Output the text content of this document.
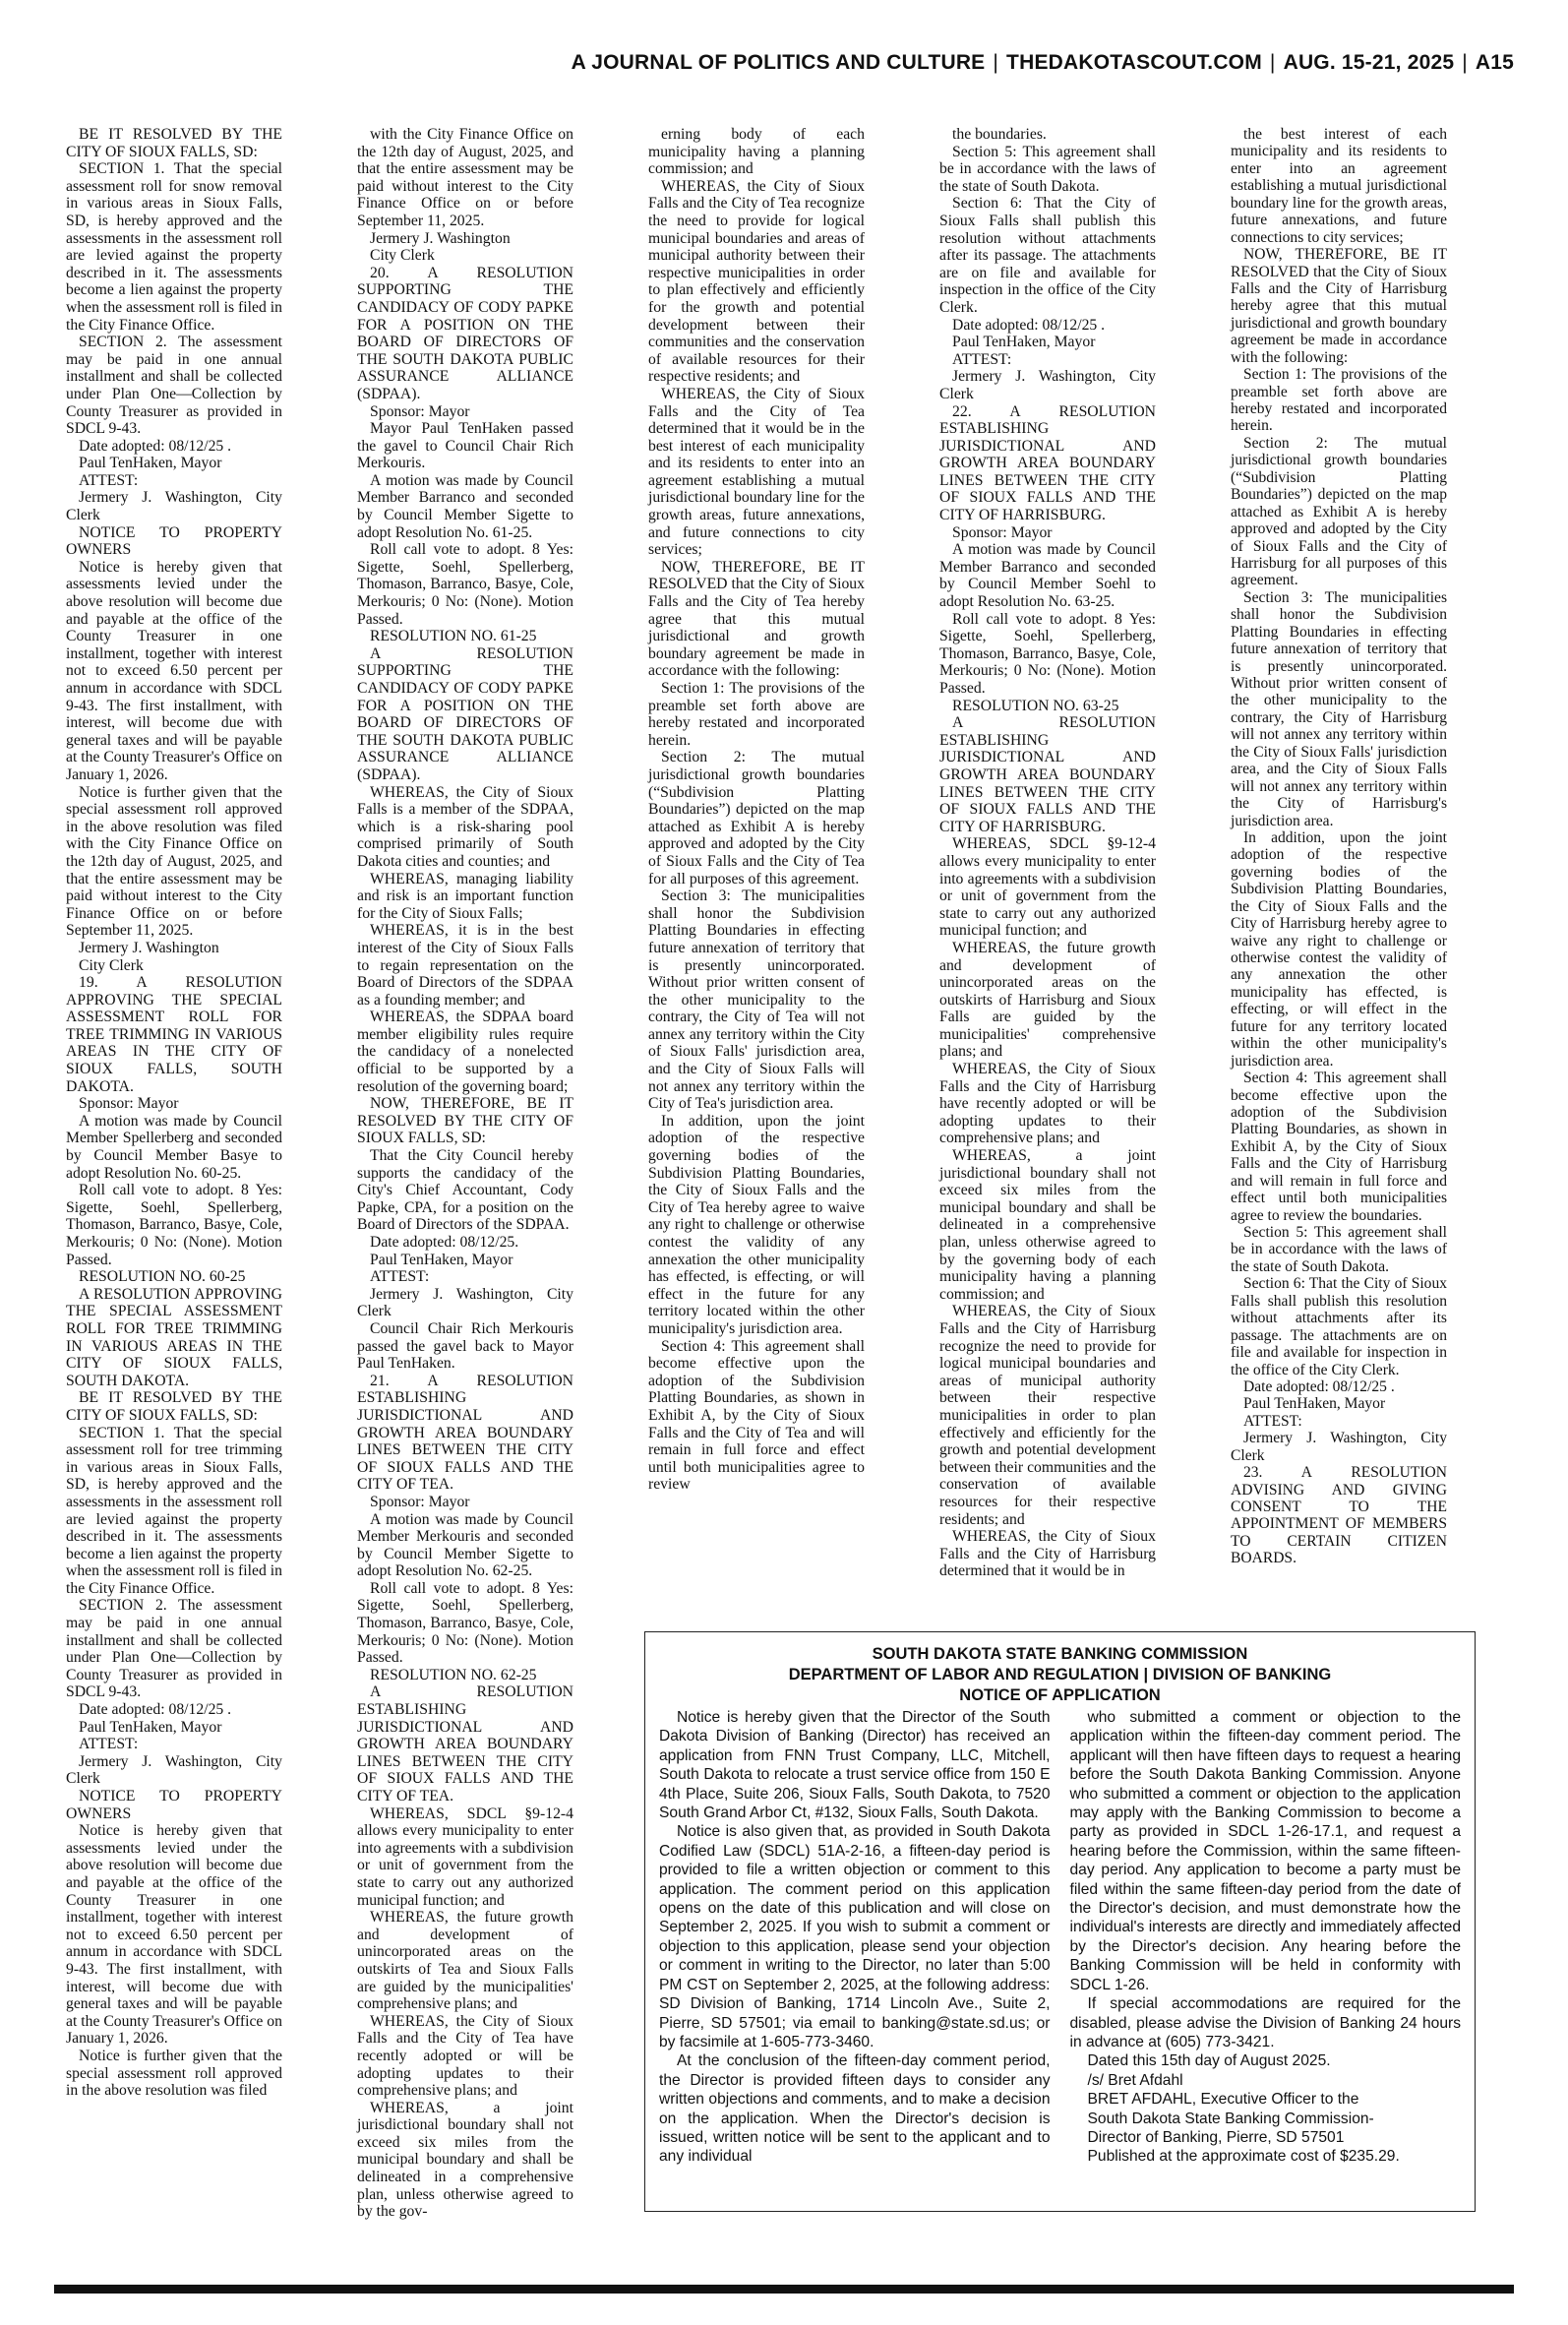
A JOURNAL OF POLITICS AND CULTURE | THEDAKOTASCOUT.COM | AUG. 15-21, 2025 | A15

BE IT RESOLVED BY THE CITY OF SIOUX FALLS, SD:

SECTION 1. That the special assessment roll for snow removal in various areas in Sioux Falls, SD, is hereby approved and the assessments in the assessment roll are levied against the property described in it. The assessments become a lien against the property when the assessment roll is filed in the City Finance Office.

SECTION 2. The assessment may be paid in one annual installment and shall be collected under Plan One—Collection by County Treasurer as provided in SDCL 9-43.

Date adopted: 08/12/25 .

Paul TenHaken, Mayor

ATTEST:

Jermery J. Washington, City Clerk

NOTICE TO PROPERTY OWNERS

Notice is hereby given that assessments levied under the above resolution will become due and payable at the office of the County Treasurer in one installment, together with interest not to exceed 6.50 percent per annum in accordance with SDCL 9-43. The first installment, with interest, will become due with general taxes and will be payable at the County Treasurer's Office on January 1, 2026.

Notice is further given that the special assessment roll approved in the above resolution was filed with the City Finance Office on the 12th day of August, 2025, and that the entire assessment may be paid without interest to the City Finance Office on or before September 11, 2025.

Jermery J. Washington

City Clerk

19. A RESOLUTION APPROVING THE SPECIAL ASSESSMENT ROLL FOR TREE TRIMMING IN VARIOUS AREAS IN THE CITY OF SIOUX FALLS, SOUTH DAKOTA.

Sponsor: Mayor

A motion was made by Council Member Spellerberg and seconded by Council Member Basye to adopt Resolution No. 60-25.

Roll call vote to adopt. 8 Yes: Sigette, Soehl, Spellerberg, Thomason, Barranco, Basye, Cole, Merkouris; 0 No: (None). Motion Passed.

RESOLUTION NO. 60-25

A RESOLUTION APPROVING THE SPECIAL ASSESSMENT ROLL FOR TREE TRIMMING IN VARIOUS AREAS IN THE CITY OF SIOUX FALLS, SOUTH DAKOTA.

BE IT RESOLVED BY THE CITY OF SIOUX FALLS, SD:

SECTION 1. That the special assessment roll for tree trimming in various areas in Sioux Falls, SD, is hereby approved and the assessments in the assessment roll are levied against the property described in it. The assessments become a lien against the property when the assessment roll is filed in the City Finance Office.

SECTION 2. The assessment may be paid in one annual installment and shall be collected under Plan One—Collection by County Treasurer as provided in SDCL 9-43.

Date adopted: 08/12/25 .

Paul TenHaken, Mayor

ATTEST:

Jermery J. Washington, City Clerk

NOTICE TO PROPERTY OWNERS

Notice is hereby given that assessments levied under the above resolution will become due and payable at the office of the County Treasurer in one installment, together with interest not to exceed 6.50 percent per annum in accordance with SDCL 9-43. The first installment, with interest, will become due with general taxes and will be payable at the County Treasurer's Office on January 1, 2026.

Notice is further given that the special assessment roll approved in the above resolution was filed

with the City Finance Office on the 12th day of August, 2025, and that the entire assessment may be paid without interest to the City Finance Office on or before September 11, 2025.

Jermery J. Washington

City Clerk

20. A RESOLUTION SUPPORTING THE CANDIDACY OF CODY PAPKE FOR A POSITION ON THE BOARD OF DIRECTORS OF THE SOUTH DAKOTA PUBLIC ASSURANCE ALLIANCE (SDPAA).

Sponsor: Mayor

Mayor Paul TenHaken passed the gavel to Council Chair Rich Merkouris.

A motion was made by Council Member Barranco and seconded by Council Member Sigette to adopt Resolution No. 61-25.

Roll call vote to adopt. 8 Yes: Sigette, Soehl, Spellerberg, Thomason, Barranco, Basye, Cole, Merkouris; 0 No: (None). Motion Passed.

RESOLUTION NO. 61-25

A RESOLUTION SUPPORTING THE CANDIDACY OF CODY PAPKE FOR A POSITION ON THE BOARD OF DIRECTORS OF THE SOUTH DAKOTA PUBLIC ASSURANCE ALLIANCE (SDPAA).

WHEREAS, the City of Sioux Falls is a member of the SDPAA, which is a risk-sharing pool comprised primarily of South Dakota cities and counties; and

WHEREAS, managing liability and risk is an important function for the City of Sioux Falls;

WHEREAS, it is in the best interest of the City of Sioux Falls to regain representation on the Board of Directors of the SDPAA as a founding member; and

WHEREAS, the SDPAA board member eligibility rules require the candidacy of a nonelected official to be supported by a resolution of the governing board;

NOW, THEREFORE, BE IT RESOLVED BY THE CITY OF SIOUX FALLS, SD:

That the City Council hereby supports the candidacy of the City's Chief Accountant, Cody Papke, CPA, for a position on the Board of Directors of the SDPAA.

Date adopted: 08/12/25.

Paul TenHaken, Mayor

ATTEST:

Jermery J. Washington, City Clerk

Council Chair Rich Merkouris passed the gavel back to Mayor Paul TenHaken.

21. A RESOLUTION ESTABLISHING JURISDICTIONAL AND GROWTH AREA BOUNDARY LINES BETWEEN THE CITY OF SIOUX FALLS AND THE CITY OF TEA.

Sponsor: Mayor

A motion was made by Council Member Merkouris and seconded by Council Member Sigette to adopt Resolution No. 62-25.

Roll call vote to adopt. 8 Yes: Sigette, Soehl, Spellerberg, Thomason, Barranco, Basye, Cole, Merkouris; 0 No: (None). Motion Passed.

RESOLUTION NO. 62-25

A RESOLUTION ESTABLISHING JURISDICTIONAL AND GROWTH AREA BOUNDARY LINES BETWEEN THE CITY OF SIOUX FALLS AND THE CITY OF TEA.

WHEREAS, SDCL §9-12-4 allows every municipality to enter into agreements with a subdivision or unit of government from the state to carry out any authorized municipal function; and

WHEREAS, the future growth and development of unincorporated areas on the outskirts of Tea and Sioux Falls are guided by the municipalities' comprehensive plans; and

WHEREAS, the City of Sioux Falls and the City of Tea have recently adopted or will be adopting updates to their comprehensive plans; and

WHEREAS, a joint jurisdictional boundary shall not exceed six miles from the municipal boundary and shall be delineated in a comprehensive plan, unless otherwise agreed to by the gov-

erning body of each municipality having a planning commission; and

WHEREAS, the City of Sioux Falls and the City of Tea recognize the need to provide for logical municipal boundaries and areas of municipal authority between their respective municipalities in order to plan effectively and efficiently for the growth and potential development between their communities and the conservation of available resources for their respective residents; and

WHEREAS, the City of Sioux Falls and the City of Tea determined that it would be in the best interest of each municipality and its residents to enter into an agreement establishing a mutual jurisdictional boundary line for the growth areas, future annexations, and future connections to city services;

NOW, THEREFORE, BE IT RESOLVED that the City of Sioux Falls and the City of Tea hereby agree that this mutual jurisdictional and growth boundary agreement be made in accordance with the following:

Section 1: The provisions of the preamble set forth above are hereby restated and incorporated herein.

Section 2: The mutual jurisdictional growth boundaries (“Subdivision Platting Boundaries”) depicted on the map attached as Exhibit A is hereby approved and adopted by the City of Sioux Falls and the City of Tea for all purposes of this agreement.

Section 3: The municipalities shall honor the Subdivision Platting Boundaries in effecting future annexation of territory that is presently unincorporated. Without prior written consent of the other municipality to the contrary, the City of Tea will not annex any territory within the City of Sioux Falls' jurisdiction area, and the City of Sioux Falls will not annex any territory within the City of Tea's jurisdiction area.

In addition, upon the joint adoption of the respective governing bodies of the Subdivision Platting Boundaries, the City of Sioux Falls and the City of Tea hereby agree to waive any right to challenge or otherwise contest the validity of any annexation the other municipality has effected, is effecting, or will effect in the future for any territory located within the other municipality's jurisdiction area.

Section 4: This agreement shall become effective upon the adoption of the Subdivision Platting Boundaries, as shown in Exhibit A, by the City of Sioux Falls and the City of Tea and will remain in full force and effect until both municipalities agree to review

the boundaries.

Section 5: This agreement shall be in accordance with the laws of the state of South Dakota.

Section 6: That the City of Sioux Falls shall publish this resolution without attachments after its passage. The attachments are on file and available for inspection in the office of the City Clerk.

Date adopted: 08/12/25 .

Paul TenHaken, Mayor

ATTEST:

Jermery J. Washington, City Clerk

22. A RESOLUTION ESTABLISHING JURISDICTIONAL AND GROWTH AREA BOUNDARY LINES BETWEEN THE CITY OF SIOUX FALLS AND THE CITY OF HARRISBURG.

Sponsor: Mayor

A motion was made by Council Member Barranco and seconded by Council Member Soehl to adopt Resolution No. 63-25.

Roll call vote to adopt. 8 Yes: Sigette, Soehl, Spellerberg, Thomason, Barranco, Basye, Cole, Merkouris; 0 No: (None). Motion Passed.

RESOLUTION NO. 63-25

A RESOLUTION ESTABLISHING JURISDICTIONAL AND GROWTH AREA BOUNDARY LINES BETWEEN THE CITY OF SIOUX FALLS AND THE CITY OF HARRISBURG.

WHEREAS, SDCL §9-12-4 allows every municipality to enter into agreements with a subdivision or unit of government from the state to carry out any authorized municipal function; and

WHEREAS, the future growth and development of unincorporated areas on the outskirts of Harrisburg and Sioux Falls are guided by the municipalities' comprehensive plans; and

WHEREAS, the City of Sioux Falls and the City of Harrisburg have recently adopted or will be adopting updates to their comprehensive plans; and

WHEREAS, a joint jurisdictional boundary shall not exceed six miles from the municipal boundary and shall be delineated in a comprehensive plan, unless otherwise agreed to by the governing body of each municipality having a planning commission; and

WHEREAS, the City of Sioux Falls and the City of Harrisburg recognize the need to provide for logical municipal boundaries and areas of municipal authority between their respective municipalities in order to plan effectively and efficiently for the growth and potential development between their communities and the conservation of available resources for their respective residents; and

WHEREAS, the City of Sioux Falls and the City of Harrisburg determined that it would be in

the best interest of each municipality and its residents to enter into an agreement establishing a mutual jurisdictional boundary line for the growth areas, future annexations, and future connections to city services;

NOW, THEREFORE, BE IT RESOLVED that the City of Sioux Falls and the City of Harrisburg hereby agree that this mutual jurisdictional and growth boundary agreement be made in accordance with the following:

Section 1: The provisions of the preamble set forth above are hereby restated and incorporated herein.

Section 2: The mutual jurisdictional growth boundaries (“Subdivision Platting Boundaries”) depicted on the map attached as Exhibit A is hereby approved and adopted by the City of Sioux Falls and the City of Harrisburg for all purposes of this agreement.

Section 3: The municipalities shall honor the Subdivision Platting Boundaries in effecting future annexation of territory that is presently unincorporated. Without prior written consent of the other municipality to the contrary, the City of Harrisburg will not annex any territory within the City of Sioux Falls' jurisdiction area, and the City of Sioux Falls will not annex any territory within the City of Harrisburg's jurisdiction area.

In addition, upon the joint adoption of the respective governing bodies of the Subdivision Platting Boundaries, the City of Sioux Falls and the City of Harrisburg hereby agree to waive any right to challenge or otherwise contest the validity of any annexation the other municipality has effected, is effecting, or will effect in the future for any territory located within the other municipality's jurisdiction area.

Section 4: This agreement shall become effective upon the adoption of the Subdivision Platting Boundaries, as shown in Exhibit A, by the City of Sioux Falls and the City of Harrisburg and will remain in full force and effect until both municipalities agree to review the boundaries.

Section 5: This agreement shall be in accordance with the laws of the state of South Dakota.

Section 6: That the City of Sioux Falls shall publish this resolution without attachments after its passage. The attachments are on file and available for inspection in the office of the City Clerk.

Date adopted: 08/12/25 .

Paul TenHaken, Mayor

ATTEST:

Jermery J. Washington, City Clerk

23. A RESOLUTION ADVISING AND GIVING CONSENT TO THE APPOINTMENT OF MEMBERS TO CERTAIN CITIZEN BOARDS.

SOUTH DAKOTA STATE BANKING COMMISSION
DEPARTMENT OF LABOR AND REGULATION | DIVISION OF BANKING
NOTICE OF APPLICATION

Notice is hereby given that the Director of the South Dakota Division of Banking (Director) has received an application from FNN Trust Company, LLC, Mitchell, South Dakota to relocate a trust service office from 150 E 4th Place, Suite 206, Sioux Falls, South Dakota, to 7520 South Grand Arbor Ct, #132, Sioux Falls, South Dakota.

Notice is also given that, as provided in South Dakota Codified Law (SDCL) 51A-2-16, a fifteen-day period is provided to file a written objection or comment to this application. The comment period on this application opens on the date of this publication and will close on September 2, 2025. If you wish to submit a comment or objection to this application, please send your objection or comment in writing to the Director, no later than 5:00 PM CST on September 2, 2025, at the following address: SD Division of Banking, 1714 Lincoln Ave., Suite 2, Pierre, SD 57501; via email to banking@state.sd.us; or by facsimile at 1-605-773-3460.

At the conclusion of the fifteen-day comment period, the Director is provided fifteen days to consider any written objections and comments, and to make a decision on the application. When the Director's decision is issued, written notice will be sent to the applicant and to any individual

who submitted a comment or objection to the application within the fifteen-day comment period. The applicant will then have fifteen days to request a hearing before the South Dakota Banking Commission. Anyone who submitted a comment or objection to the application may apply with the Banking Commission to become a party as provided in SDCL 1-26-17.1, and request a hearing before the Commission, within the same fifteen-day period. Any application to become a party must be filed within the same fifteen-day period from the date of the Director's decision, and must demonstrate how the individual's interests are directly and immediately affected by the Director's decision. Any hearing before the Banking Commission will be held in conformity with SDCL 1-26.

If special accommodations are required for the disabled, please advise the Division of Banking 24 hours in advance at (605) 773-3421.

Dated this 15th day of August 2025.

/s/ Bret Afdahl

BRET AFDAHL, Executive Officer to the

South Dakota State Banking Commission-

Director of Banking, Pierre, SD 57501

Published at the approximate cost of $235.29.
